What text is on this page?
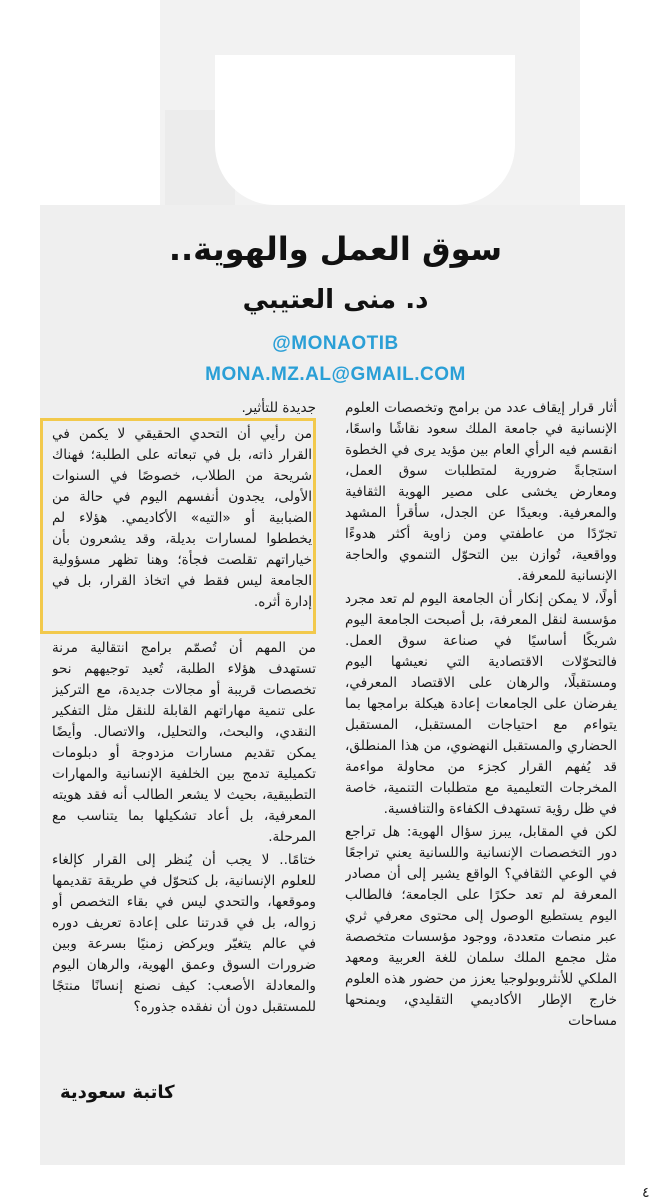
سوق العمل والهوية..
د. منى العتيبي
@MONAOTIB
MONA.MZ.AL@GMAIL.COM

أثار قرار إيقاف عدد من برامج وتخصصات العلوم الإنسانية في جامعة الملك سعود نقاشًا واسعًا، انقسم فيه الرأي العام بين مؤيد يرى في الخطوة استجابةً ضرورية لمتطلبات سوق العمل، ومعارض يخشى على مصير الهوية الثقافية والمعرفية. وبعيدًا عن الجدل، سأقرأ المشهد تجرّدًا من عاطفتي ومن زاوية أكثر هدوءًا وواقعية، تُوازن بين التحوّل التنموي والحاجة الإنسانية للمعرفة.

أولًا، لا يمكن إنكار أن الجامعة اليوم لم تعد مجرد مؤسسة لنقل المعرفة، بل أصبحت الجامعة اليوم شريكًا أساسيًا في صناعة سوق العمل. فالتحوّلات الاقتصادية التي نعيشها اليوم ومستقبلًا، والرهان على الاقتصاد المعرفي، يفرضان على الجامعات إعادة هيكلة برامجها بما يتواءم مع احتياجات المستقبل، المستقبل الحضاري والمستقبل النهضوي، من هذا المنطلق، قد يُفهم القرار كجزء من محاولة مواءمة المخرجات التعليمية مع متطلبات التنمية، خاصة في ظل رؤية تستهدف الكفاءة والتنافسية.

لكن في المقابل، يبرز سؤال الهوية: هل تراجع دور التخصصات الإنسانية واللسانية يعني تراجعًا في الوعي الثقافي؟ الواقع يشير إلى أن مصادر المعرفة لم تعد حكرًا على الجامعة؛ فالطالب اليوم يستطيع الوصول إلى محتوى معرفي ثري عبر منصات متعددة، ووجود مؤسسات متخصصة مثل مجمع الملك سلمان للغة العربية ومعهد الملكي للأنثروبولوجيا يعزز من حضور هذه العلوم خارج الإطار الأكاديمي التقليدي، ويمنحها مساحات

جديدة للتأثير.
من رأيي أن التحدي الحقيقي لا يكمن في القرار ذاته، بل في تبعاته على الطلبة؛ فهناك شريحة من الطلاب، خصوصًا في السنوات الأولى، يجدون أنفسهم اليوم في حالة من الضبابية أو «التيه» الأكاديمي. هؤلاء لم يخططوا لمسارات بديلة، وقد يشعرون بأن خياراتهم تقلصت فجأة؛ وهنا تظهر مسؤولية الجامعة ليس فقط في اتخاذ القرار، بل في إدارة أثره.

من المهم أن تُصمّم برامج انتقالية مرنة تستهدف هؤلاء الطلبة، تُعيد توجيههم نحو تخصصات قريبة أو مجالات جديدة، مع التركيز على تنمية مهاراتهم القابلة للنقل مثل التفكير النقدي، والبحث، والتحليل، والاتصال. وأيضًا يمكن تقديم مسارات مزدوجة أو دبلومات تكميلية تدمج بين الخلفية الإنسانية والمهارات التطبيقية، بحيث لا يشعر الطالب أنه فقد هويته المعرفية، بل أعاد تشكيلها بما يتناسب مع المرحلة.

ختامًا.. لا يجب أن يُنظر إلى القرار كإلغاء للعلوم الإنسانية، بل كتحوّل في طريقة تقديمها وموقعها، والتحدي ليس في بقاء التخصص أو زواله، بل في قدرتنا على إعادة تعريف دوره في عالم يتغيّر ويركض زمنيًا بسرعة وبين ضرورات السوق وعمق الهوية، والرهان اليوم والمعادلة الأصعب: كيف نصنع إنسانًا منتجًا للمستقبل دون أن نفقده جذوره؟

كاتبة سعودية
٤
